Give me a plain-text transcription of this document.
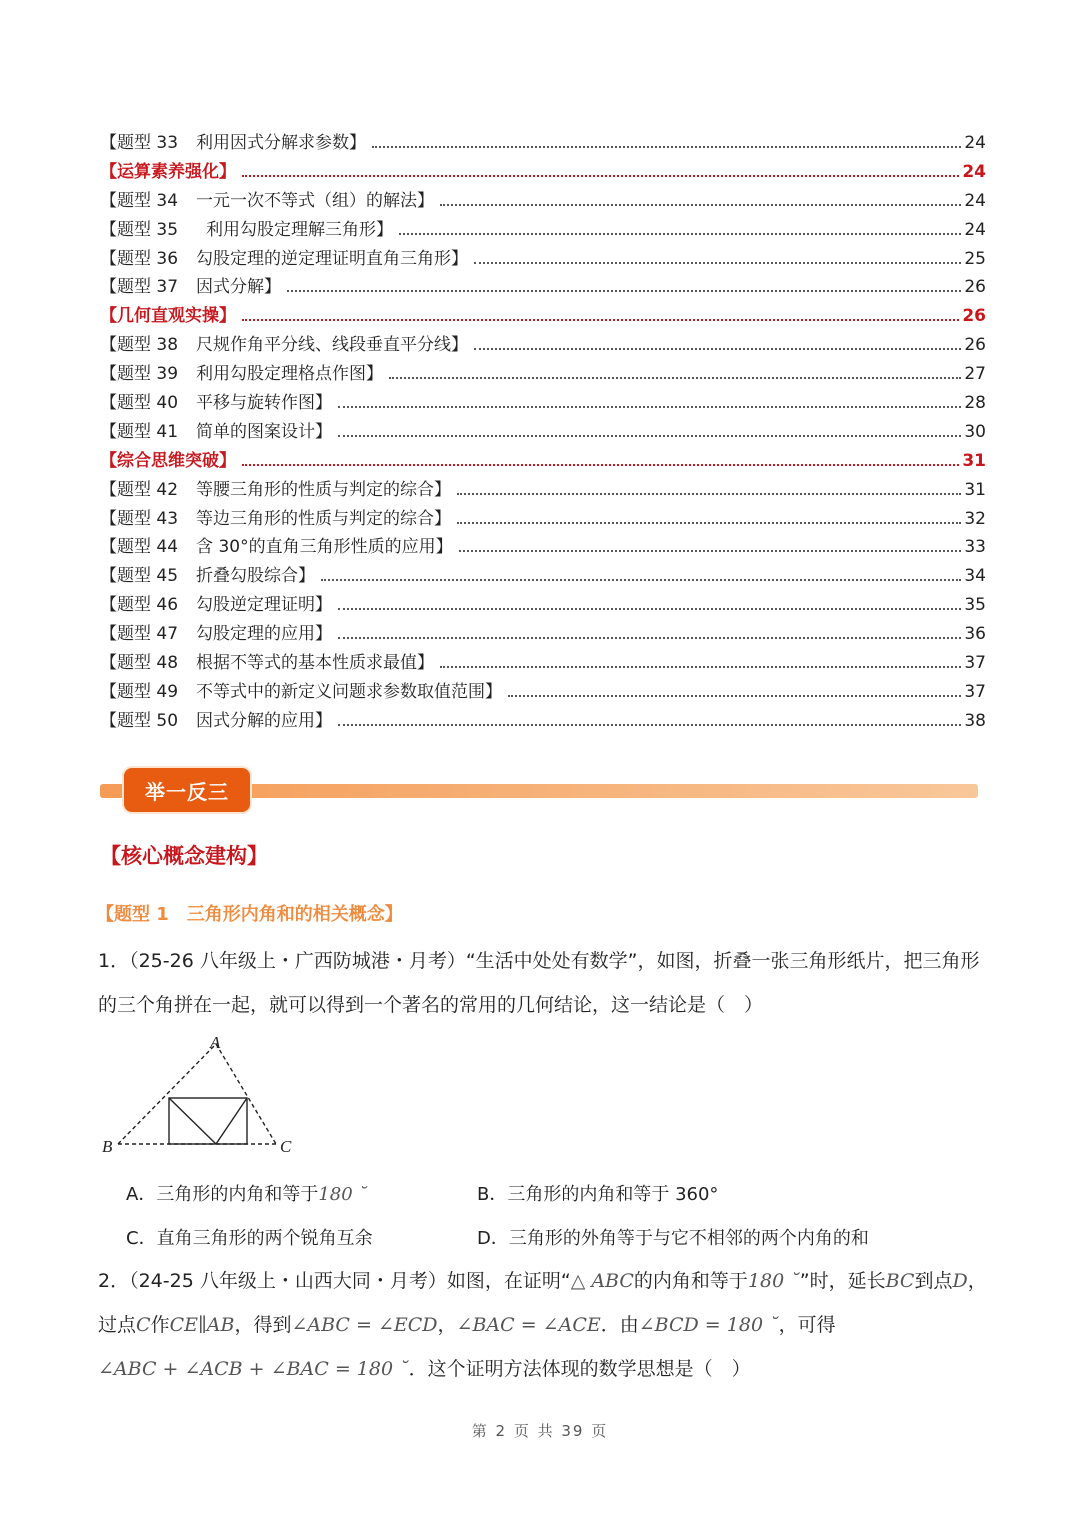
【题型 33 利用因式分解求参数】	24
【运算素养强化】	24
【题型 34 一元一次不等式（组）的解法】	24
【题型 35 利用勾股定理解三角形】	24
【题型 36 勾股定理的逆定理证明直角三角形】	25
【题型 37 因式分解】	26
【几何直观实操】	26
【题型 38 尺规作角平分线、线段垂直平分线】	26
【题型 39 利用勾股定理格点作图】	27
【题型 40 平移与旋转作图】	28
【题型 41 简单的图案设计】	30
【综合思维突破】	31
【题型 42 等腰三角形的性质与判定的综合】	31
【题型 43 等边三角形的性质与判定的综合】	32
【题型 44 含 30°的直角三角形性质的应用】	33
【题型 45 折叠勾股综合】	34
【题型 46 勾股逆定理证明】	35
【题型 47 勾股定理的应用】	36
【题型 48 根据不等式的基本性质求最值】	37
【题型 49 不等式中的新定义问题求参数取值范围】	37
【题型 50 因式分解的应用】	38
举一反三
【核心概念建构】
【题型 1　三角形内角和的相关概念】
1．（25-26 八年级上・广西防城港・月考）“生活中处处有数学”，如图，折叠一张三角形纸片，把三角形
的三个角拼在一起，就可以得到一个著名的常用的几何结论，这一结论是（　）
A
B	C
A．三角形的内角和等于180 ˘	B．三角形的内角和等于 360°
C．直角三角形的两个锐角互余	D．三角形的外角等于与它不相邻的两个内角的和
2．（24-25 八年级上・山西大同・月考）如图，在证明“△ ABC的内角和等于180 ˘”时，延长BC到点D，
过点C作CE∥AB，得到∠ABC = ∠ECD，∠BAC = ∠ACE．由∠BCD = 180 ˘，可得
∠ABC + ∠ACB + ∠BAC = 180 ˘．这个证明方法体现的数学思想是（　）
第 2 页 共 39 页
